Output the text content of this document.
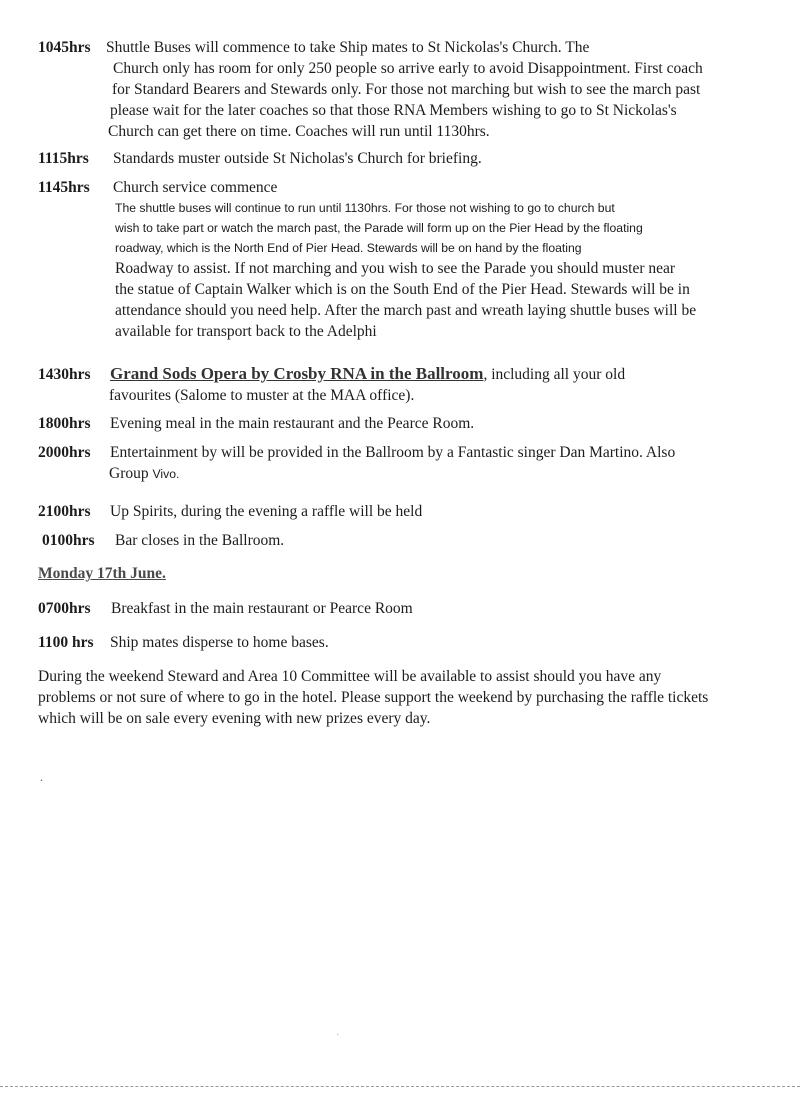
1045hrs Shuttle Buses will commence to take Ship mates to St Nickolas's Church. The
Church only has room for only 250 people so arrive early to avoid Disappointment. First coach
for Standard Bearers and Stewards only. For those not marching but wish to see the march past
please wait for the later coaches so that those RNA Members wishing to go to St Nickolas's
Church can get there on time. Coaches will run until 1130hrs.
1115hrs Standards muster outside St Nicholas's Church for briefing.
1145hrs Church service commence
The shuttle buses will continue to run until 1130hrs. For those not wishing to go to church but
wish to take part or watch the march past, the Parade will form up on the Pier Head by the floating
roadway, which is the North End of Pier Head. Stewards will be on hand by the floating
Roadway to assist. If not marching and you wish to see the Parade you should muster near
the statue of Captain Walker which is on the South End of the Pier Head. Stewards will be in
attendance should you need help. After the march past and wreath laying shuttle buses will be
available for transport back to the Adelphi
1430hrs Grand Sods Opera by Crosby RNA in the Ballroom, including all your old
favourites (Salome to muster at the MAA office).
1800hrs Evening meal in the main restaurant and the Pearce Room.
2000hrs Entertainment by will be provided in the Ballroom by a Fantastic singer Dan Martino. Also
Group Vivo.
2100hrs Up Spirits, during the evening a raffle will be held
0100hrs Bar closes in the Ballroom.
Monday 17th June.
0700hrs Breakfast in the main restaurant or Pearce Room
1100 hrs Ship mates disperse to home bases.
During the weekend Steward and Area 10 Committee will be available to assist should you have any
problems or not sure of where to go in the hotel. Please support the weekend by purchasing the raffle tickets
which will be on sale every evening with new prizes every day.
.
·
